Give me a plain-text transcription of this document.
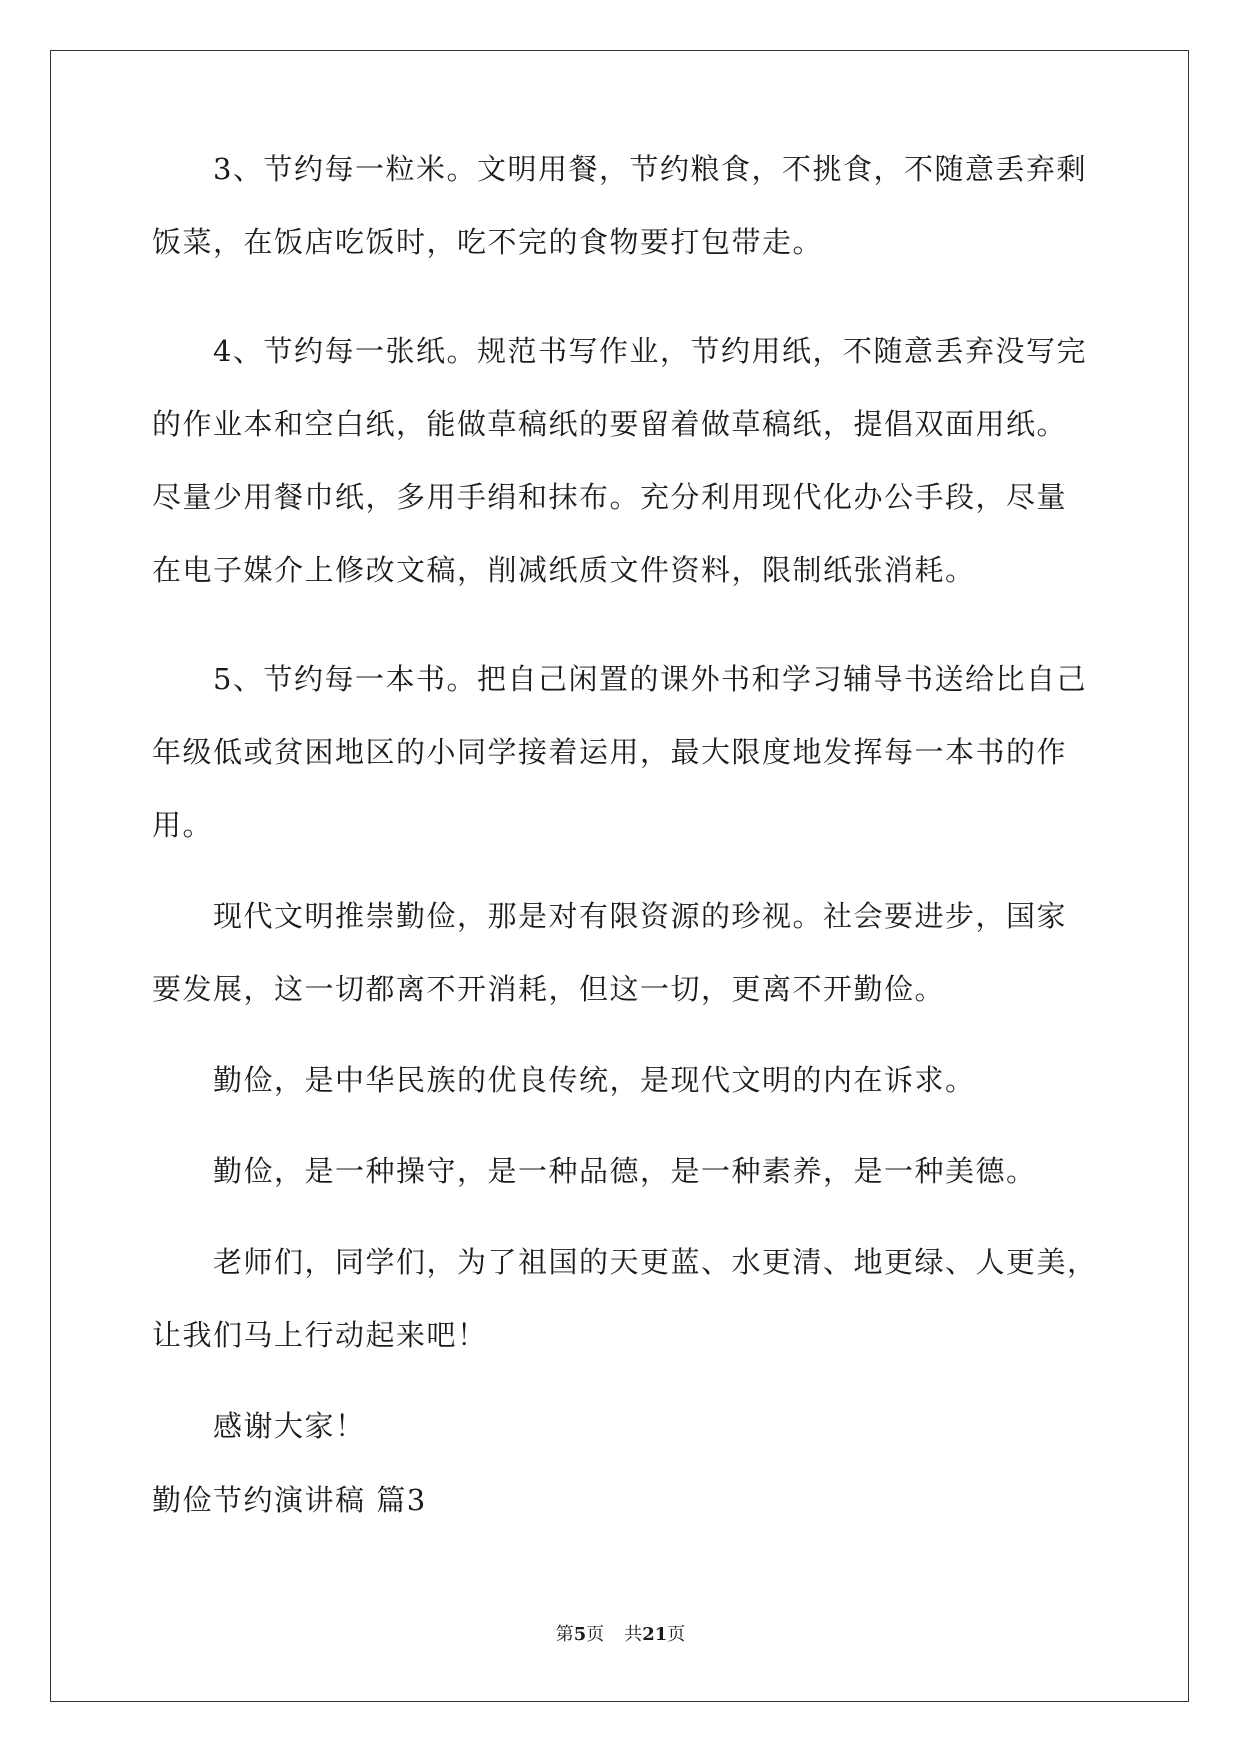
3、节约每一粒米。文明用餐，节约粮食，不挑食，不随意丢弃剩
饭菜，在饭店吃饭时，吃不完的食物要打包带走。
4、节约每一张纸。规范书写作业，节约用纸，不随意丢弃没写完
的作业本和空白纸，能做草稿纸的要留着做草稿纸，提倡双面用纸。
尽量少用餐巾纸，多用手绢和抹布。充分利用现代化办公手段，尽量
在电子媒介上修改文稿，削减纸质文件资料，限制纸张消耗。
5、节约每一本书。把自己闲置的课外书和学习辅导书送给比自己
年级低或贫困地区的小同学接着运用，最大限度地发挥每一本书的作
用。
现代文明推崇勤俭，那是对有限资源的珍视。社会要进步，国家
要发展，这一切都离不开消耗，但这一切，更离不开勤俭。
勤俭，是中华民族的优良传统，是现代文明的内在诉求。
勤俭，是一种操守，是一种品德，是一种素养，是一种美德。
老师们，同学们，为了祖国的天更蓝、水更清、地更绿、人更美，
让我们马上行动起来吧！
感谢大家！
勤俭节约演讲稿 篇3
第5页 共21页
